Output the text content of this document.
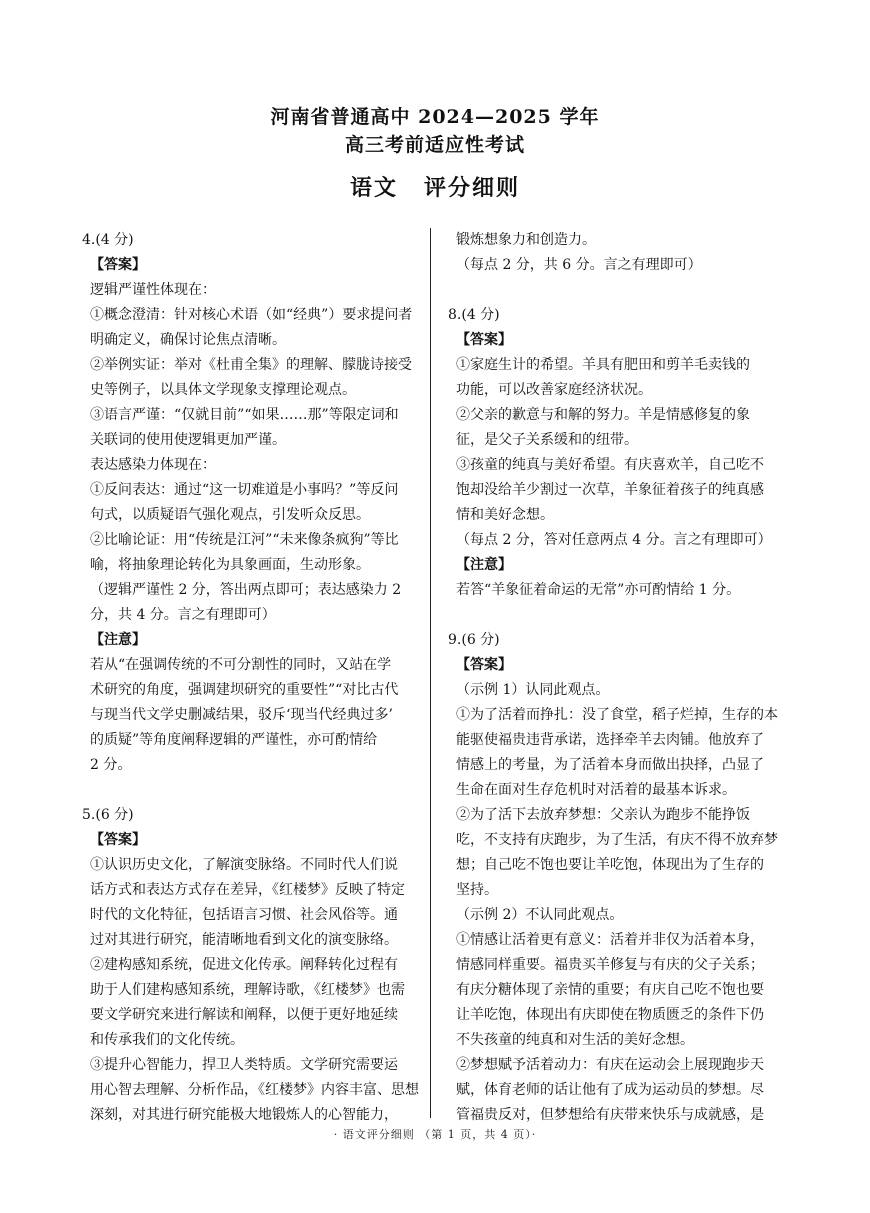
河南省普通高中 2024—2025 学年
高三考前适应性考试
语文 评分细则
4.(4 分)
【答案】
逻辑严谨性体现在：
①概念澄清：针对核心术语（如“经典”）要求提问者
明确定义，确保讨论焦点清晰。
②举例实证：举对《杜甫全集》的理解、朦胧诗接受
史等例子，以具体文学现象支撑理论观点。
③语言严谨：“仅就目前”“如果……那”等限定词和
关联词的使用使逻辑更加严谨。
表达感染力体现在：
①反问表达：通过“这一切难道是小事吗？”等反问
句式，以质疑语气强化观点，引发听众反思。
②比喻论证：用“传统是江河”“未来像条疯狗”等比
喻，将抽象理论转化为具象画面，生动形象。
（逻辑严谨性 2 分，答出两点即可；表达感染力 2
分，共 4 分。言之有理即可）
【注意】
若从“在强调传统的不可分割性的同时，又站在学
术研究的角度，强调建坝研究的重要性”“对比古代
与现当代文学史删减结果，驳斥‘现当代经典过多’
的质疑”等角度阐释逻辑的严谨性，亦可酌情给
2 分。
5.(6 分)
【答案】
①认识历史文化，了解演变脉络。不同时代人们说
话方式和表达方式存在差异，《红楼梦》反映了特定
时代的文化特征，包括语言习惯、社会风俗等。通
过对其进行研究，能清晰地看到文化的演变脉络。
②建构感知系统，促进文化传承。阐释转化过程有
助于人们建构感知系统，理解诗歌，《红楼梦》也需
要文学研究来进行解读和阐释，以便于更好地延续
和传承我们的文化传统。
③提升心智能力，捍卫人类特质。文学研究需要运
用心智去理解、分析作品，《红楼梦》内容丰富、思想
深刻，对其进行研究能极大地锻炼人的心智能力，
锻炼想象力和创造力。
（每点 2 分，共 6 分。言之有理即可）
8.(4 分)
【答案】
①家庭生计的希望。羊具有肥田和剪羊毛卖钱的
功能，可以改善家庭经济状况。
②父亲的歉意与和解的努力。羊是情感修复的象
征，是父子关系缓和的纽带。
③孩童的纯真与美好希望。有庆喜欢羊，自己吃不
饱却没给羊少割过一次草，羊象征着孩子的纯真感
情和美好念想。
（每点 2 分，答对任意两点 4 分。言之有理即可）
【注意】
若答“羊象征着命运的无常”亦可酌情给 1 分。
9.(6 分)
【答案】
（示例 1）认同此观点。
①为了活着而挣扎：没了食堂，稻子烂掉，生存的本
能驱使福贵违背承诺，选择牵羊去肉铺。他放弃了
情感上的考量，为了活着本身而做出抉择，凸显了
生命在面对生存危机时对活着的最基本诉求。
②为了活下去放弃梦想：父亲认为跑步不能挣饭
吃，不支持有庆跑步，为了生活，有庆不得不放弃梦
想；自己吃不饱也要让羊吃饱，体现出为了生存的
坚持。
（示例 2）不认同此观点。
①情感让活着更有意义：活着并非仅为活着本身，
情感同样重要。福贵买羊修复与有庆的父子关系；
有庆分糖体现了亲情的重要；有庆自己吃不饱也要
让羊吃饱，体现出有庆即使在物质匮乏的条件下仍
不失孩童的纯真和对生活的美好念想。
②梦想赋予活着动力：有庆在运动会上展现跑步天
赋，体育老师的话让他有了成为运动员的梦想。尽
管福贵反对，但梦想给有庆带来快乐与成就感，是
· 语文评分细则 （第 1 页，共 4 页）·
